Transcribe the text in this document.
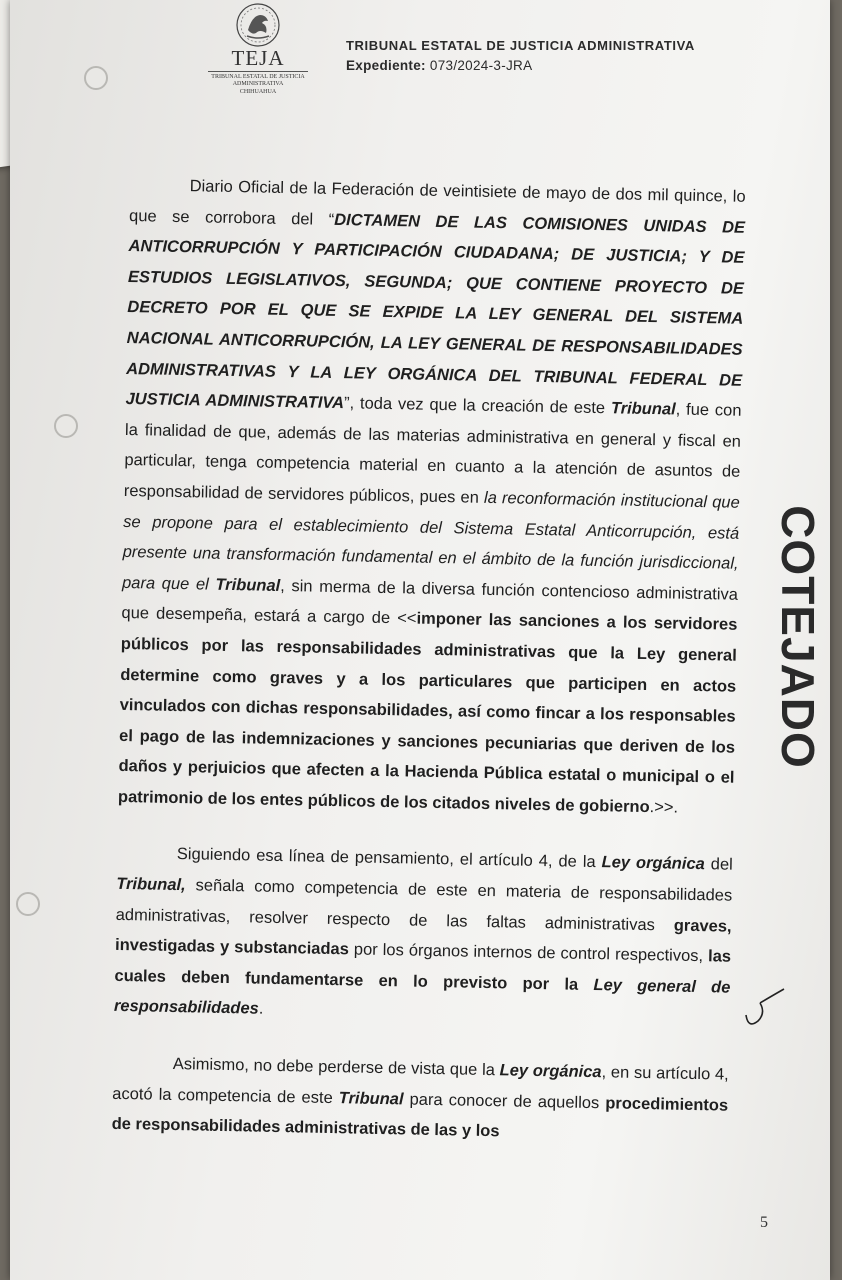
TEJA
TRIBUNAL ESTATAL DE JUSTICIA ADMINISTRATIVA
CHIHUAHUA
TRIBUNAL ESTATAL DE JUSTICIA ADMINISTRATIVA
Expediente: 073/2024-3-JRA

Diario Oficial de la Federación de veintisiete de mayo de dos mil quince, lo que se corrobora del “DICTAMEN DE LAS COMISIONES UNIDAS DE ANTICORRUPCIÓN Y PARTICIPACIÓN CIUDADANA; DE JUSTICIA; Y DE ESTUDIOS LEGISLATIVOS, SEGUNDA; QUE CONTIENE PROYECTO DE DECRETO POR EL QUE SE EXPIDE LA LEY GENERAL DEL SISTEMA NACIONAL ANTICORRUPCIÓN, LA LEY GENERAL DE RESPONSABILIDADES ADMINISTRATIVAS Y LA LEY ORGÁNICA DEL TRIBUNAL FEDERAL DE JUSTICIA ADMINISTRATIVA”, toda vez que la creación de este Tribunal, fue con la finalidad de que, además de las materias administrativa en general y fiscal en particular, tenga competencia material en cuanto a la atención de asuntos de responsabilidad de servidores públicos, pues en la reconformación institucional que se propone para el establecimiento del Sistema Estatal Anticorrupción, está presente una transformación fundamental en el ámbito de la función jurisdiccional, para que el Tribunal, sin merma de la diversa función contencioso administrativa que desempeña, estará a cargo de <<imponer las sanciones a los servidores públicos por las responsabilidades administrativas que la Ley general determine como graves y a los particulares que participen en actos vinculados con dichas responsabilidades, así como fincar a los responsables el pago de las indemnizaciones y sanciones pecuniarias que deriven de los daños y perjuicios que afecten a la Hacienda Pública estatal o municipal o el patrimonio de los entes públicos de los citados niveles de gobierno.>>.

Siguiendo esa línea de pensamiento, el artículo 4, de la Ley orgánica del Tribunal, señala como competencia de este en materia de responsabilidades administrativas, resolver respecto de las faltas administrativas graves, investigadas y substanciadas por los órganos internos de control respectivos, las cuales deben fundamentarse en lo previsto por la Ley general de responsabilidades.

Asimismo, no debe perderse de vista que la Ley orgánica, en su artículo 4, acotó la competencia de este Tribunal para conocer de aquellos procedimientos de responsabilidades administrativas de las y los

COTEJADO
5
